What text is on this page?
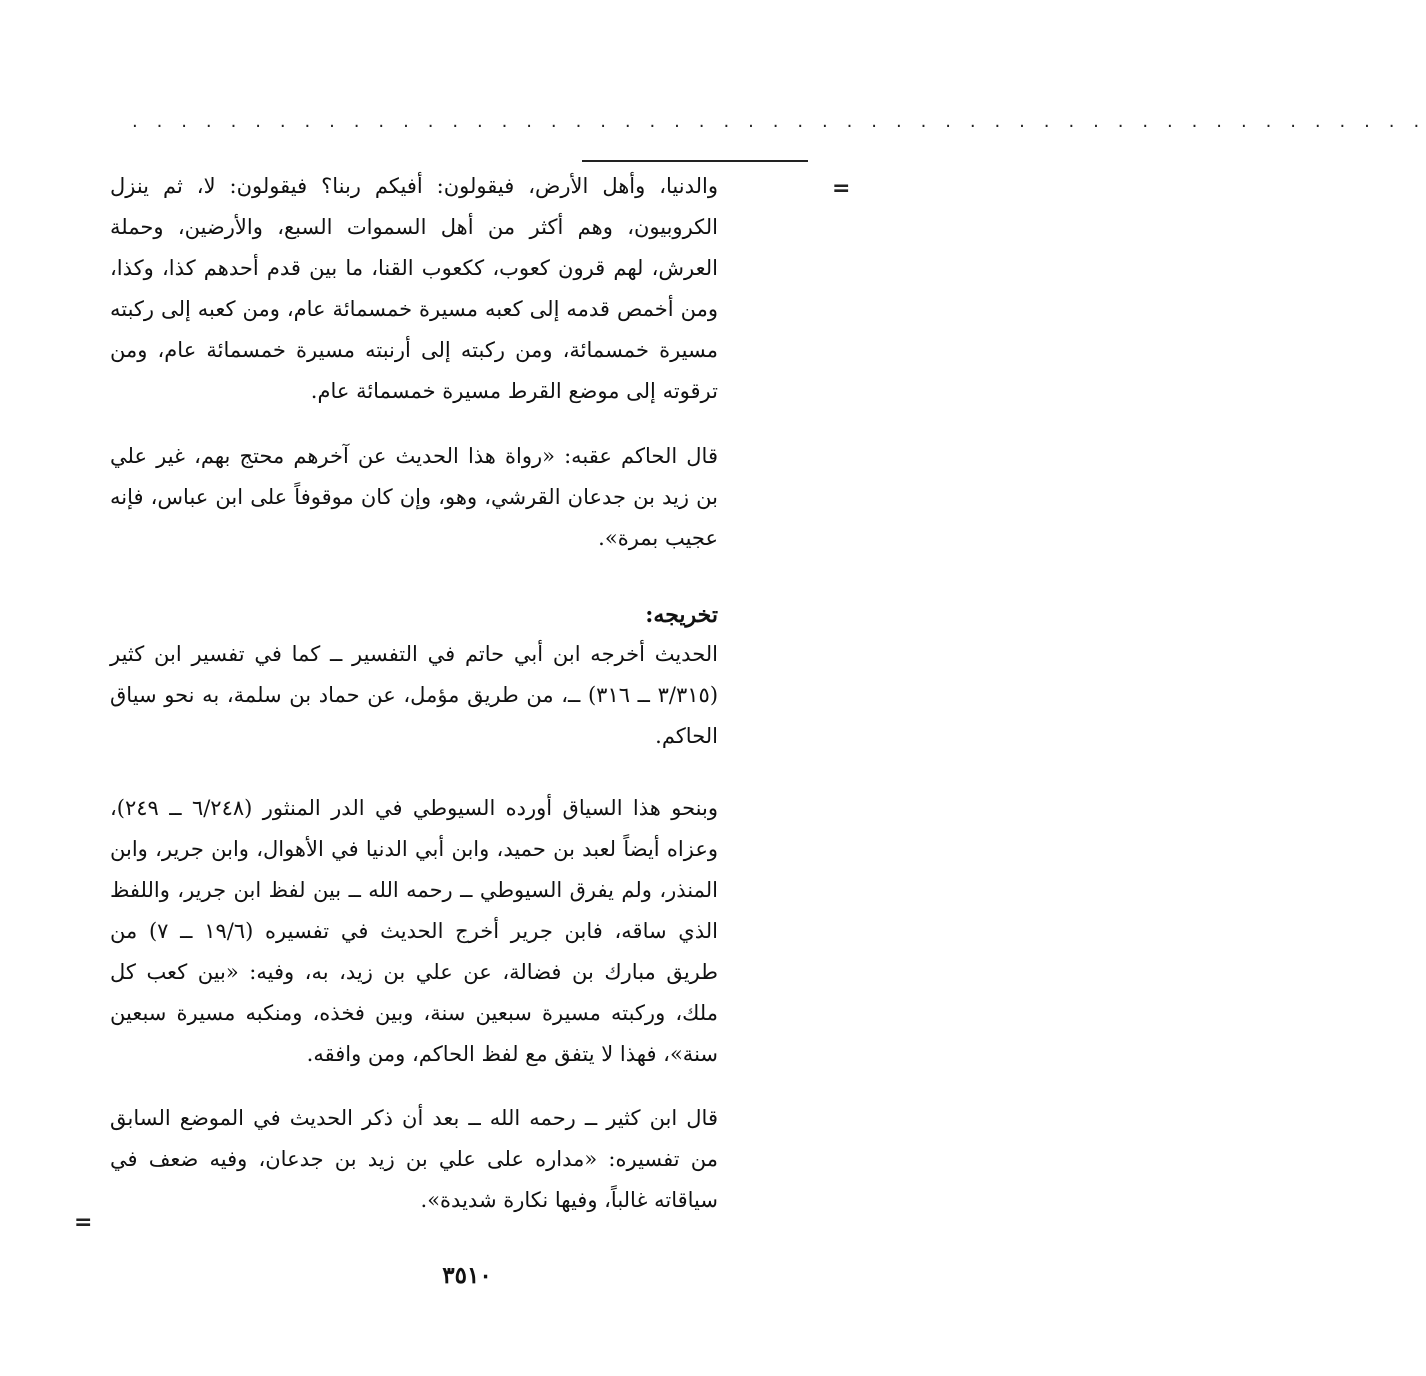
. . . . . . . . . . . . . . . . . . . . . . . . . . . . . . . . . . . . . . . . . . . . . . . . . . . . .
=

والدنيا، وأهل الأرض، فيقولون: أفيكم ربنا؟ فيقولون: لا، ثم ينزل الكروبيون، وهم أكثر من أهل السموات السبع، والأرضين، وحملة العرش، لهم قرون كعوب، ككعوب القنا، ما بين قدم أحدهم كذا، وكذا، ومن أخمص قدمه إلى كعبه مسيرة خمسمائة عام، ومن كعبه إلى ركبته مسيرة خمسمائة، ومن ركبته إلى أرنبته مسيرة خمسمائة عام، ومن ترقوته إلى موضع القرط مسيرة خمسمائة عام.

قال الحاكم عقبه: «رواة هذا الحديث عن آخرهم محتج بهم، غير علي بن زيد بن جدعان القرشي، وهو، وإن كان موقوفاً على ابن عباس، فإنه عجيب بمرة».

تخريجه:

الحديث أخرجه ابن أبي حاتم في التفسير ــ كما في تفسير ابن كثير (٣/٣١٥ ــ ٣١٦) ــ، من طريق مؤمل، عن حماد بن سلمة، به نحو سياق الحاكم.

وبنحو هذا السياق أورده السيوطي في الدر المنثور (٦/٢٤٨ ــ ٢٤٩)، وعزاه أيضاً لعبد بن حميد، وابن أبي الدنيا في الأهوال، وابن جرير، وابن المنذر، ولم يفرق السيوطي ــ رحمه الله ــ بين لفظ ابن جرير، واللفظ الذي ساقه، فابن جرير أخرج الحديث في تفسيره (١٩/٦ ــ ٧) من طريق مبارك بن فضالة، عن علي بن زيد، به، وفيه: «بين كعب كل ملك، وركبته مسيرة سبعين سنة، وبين فخذه، ومنكبه مسيرة سبعين سنة»، فهذا لا يتفق مع لفظ الحاكم، ومن وافقه.

قال ابن كثير ــ رحمه الله ــ بعد أن ذكر الحديث في الموضع السابق من تفسيره: «مداره على علي بن زيد بن جدعان، وفيه ضعف في سياقاته غالباً، وفيها نكارة شديدة».

=
٣٥١٠
